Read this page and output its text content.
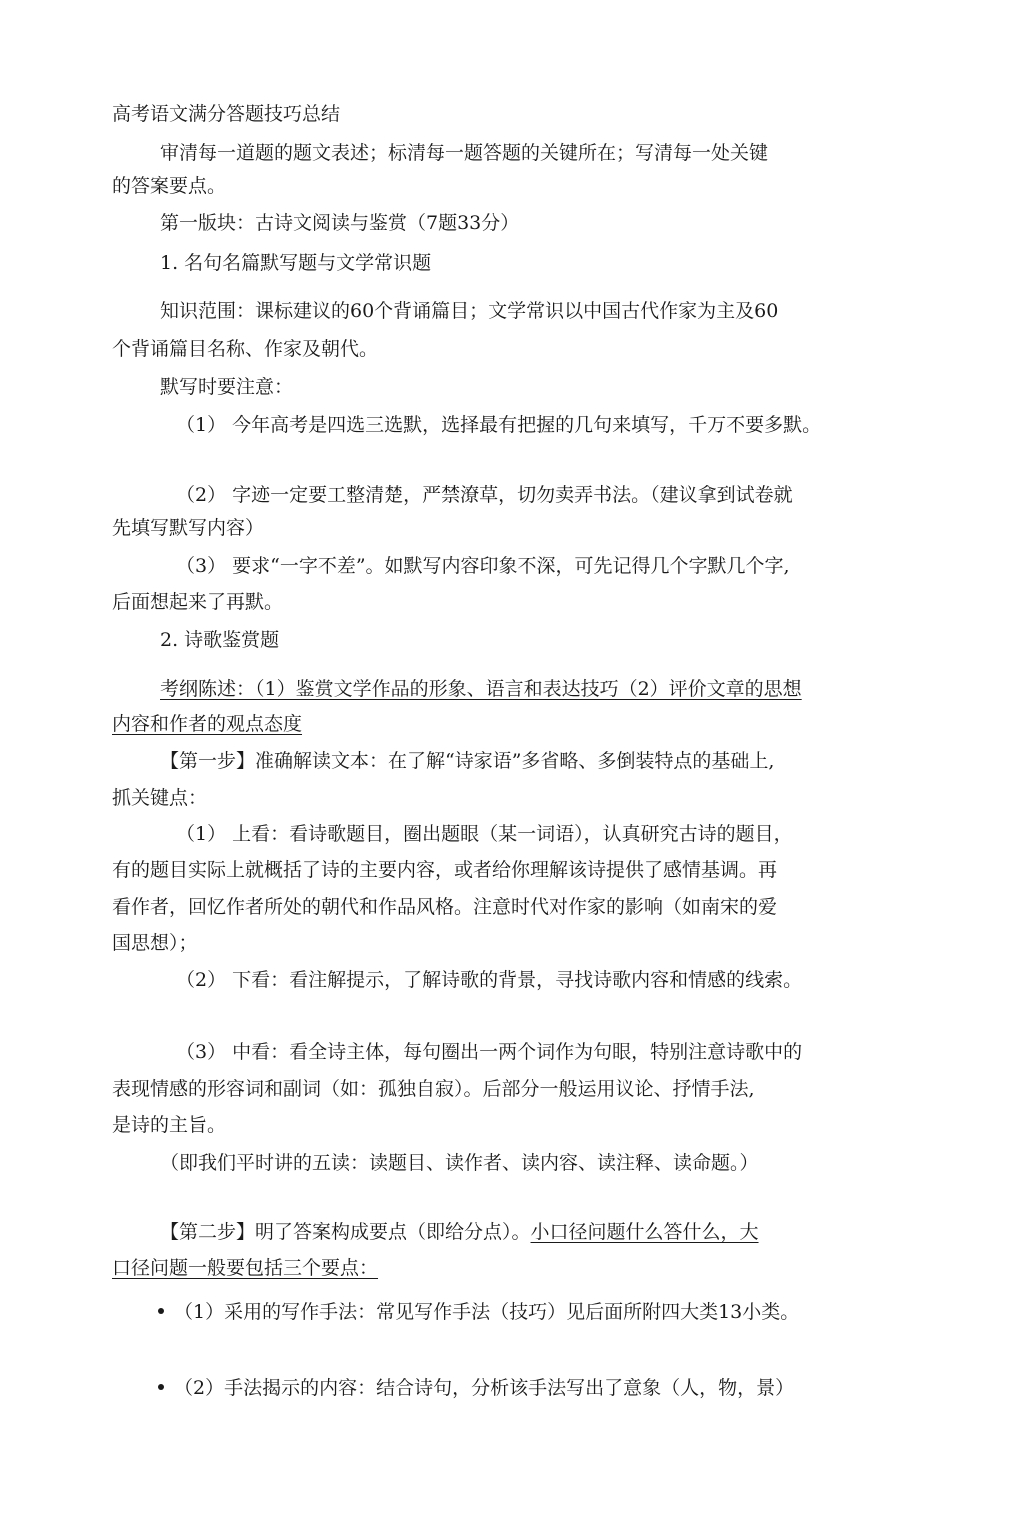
高考语文满分答题技巧总结
审清每一道题的题文表述；标清每一题答题的关键所在；写清每一处关键
的答案要点。
第一版块：古诗文阅读与鉴赏（7题33分）
1. 名句名篇默写题与文学常识题
知识范围：课标建议的60个背诵篇目；文学常识以中国古代作家为主及60
个背诵篇目名称、作家及朝代。
默写时要注意：
（1） 今年高考是四选三选默，选择最有把握的几句来填写，千万不要多默。
（2） 字迹一定要工整清楚，严禁潦草，切勿卖弄书法。（建议拿到试卷就
先填写默写内容）
（3） 要求“一字不差”。如默写内容印象不深，可先记得几个字默几个字,
后面想起来了再默。
2. 诗歌鉴赏题
考纲陈述：（1）鉴赏文学作品的形象、语言和表达技巧（2）评价文章的思想
内容和作者的观点态度
【第一步】准确解读文本：在了解“诗家语”多省略、多倒装特点的基础上,
抓关键点：
（1） 上看：看诗歌题目，圈出题眼（某一词语），认真研究古诗的题目，
有的题目实际上就概括了诗的主要内容，或者给你理解该诗提供了感情基调。再
看作者，回忆作者所处的朝代和作品风格。注意时代对作家的影响（如南宋的爱
国思想）；
（2） 下看：看注解提示，了解诗歌的背景，寻找诗歌内容和情感的线索。
（3） 中看：看全诗主体，每句圈出一两个词作为句眼，特别注意诗歌中的
表现情感的形容词和副词（如：孤独自寂）。后部分一般运用议论、抒情手法,
是诗的主旨。
（即我们平时讲的五读：读题目、读作者、读内容、读注释、读命题。）
【第二步】明了答案构成要点（即给分点）。小口径问题什么答什么，大
口径问题一般要包括三个要点：
（1）采用的写作手法：常见写作手法（技巧）见后面所附四大类13小类。
（2）手法揭示的内容：结合诗句，分析该手法写出了意象（人，物，景）
